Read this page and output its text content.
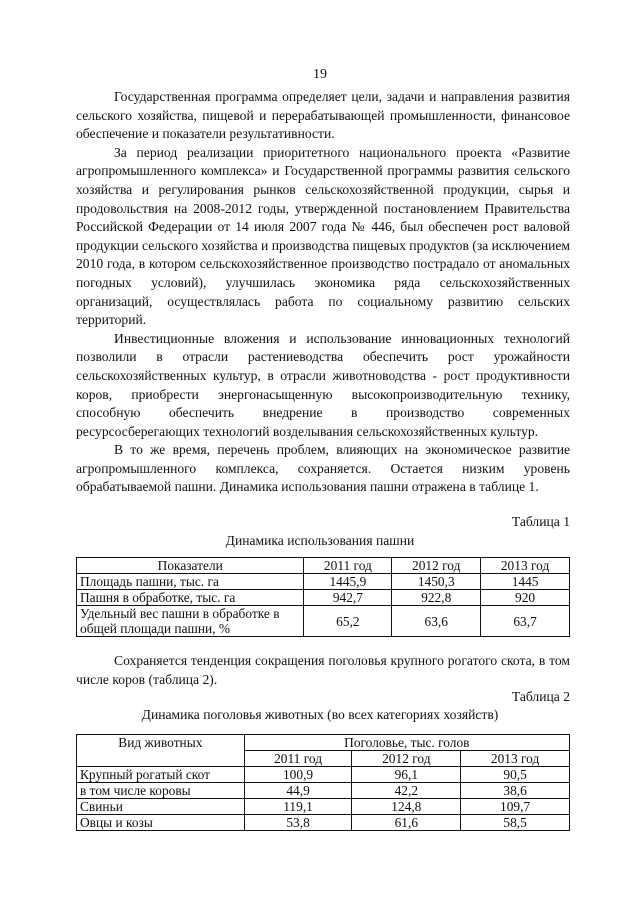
19

Государственная программа определяет цели, задачи и направления развития сельского хозяйства, пищевой и перерабатывающей промышленности, финансовое обеспечение и показатели результативности.

За период реализации приоритетного национального проекта «Развитие агропромышленного комплекса» и Государственной программы развития сельского хозяйства и регулирования рынков сельскохозяйственной продукции, сырья и продовольствия на 2008-2012 годы, утвержденной постановлением Правительства Российской Федерации от 14 июля 2007 года № 446, был обеспечен рост валовой продукции сельского хозяйства и производства пищевых продуктов (за исключением 2010 года, в котором сельскохозяйственное производство пострадало от аномальных погодных условий), улучшилась экономика ряда сельскохозяйственных организаций, осуществлялась работа по социальному развитию сельских территорий.

Инвестиционные вложения и использование инновационных технологий позволили в отрасли растениеводства обеспечить рост урожайности сельскохозяйственных культур, в отрасли животноводства - рост продуктивности коров, приобрести энергонасыщенную высокопроизводительную технику, способную обеспечить внедрение в производство современных ресурсосберегающих технологий возделывания сельскохозяйственных культур.

В то же время, перечень проблем, влияющих на экономическое развитие агропромышленного комплекса, сохраняется. Остается низким уровень обрабатываемой пашни. Динамика использования пашни отражена в таблице 1.

Таблица 1
Динамика использования пашни
Показатели	2011 год	2012 год	2013 год
Площадь пашни, тыс. га	1445,9	1450,3	1445
Пашня в обработке, тыс. га	942,7	922,8	920
Удельный вес пашни в обработке в общей площади пашни, %	65,2	63,6	63,7

Сохраняется тенденция сокращения поголовья крупного рогатого скота, в том числе коров (таблица 2).

Таблица 2
Динамика поголовья животных (во всех категориях хозяйств)
Вид животных	Поголовье, тыс. голов		
	2011 год	2012 год	2013 год
Крупный рогатый скот	100,9	96,1	90,5
в том числе коровы	44,9	42,2	38,6
Свиньи	119,1	124,8	109,7
Овцы и козы	53,8	61,6	58,5
